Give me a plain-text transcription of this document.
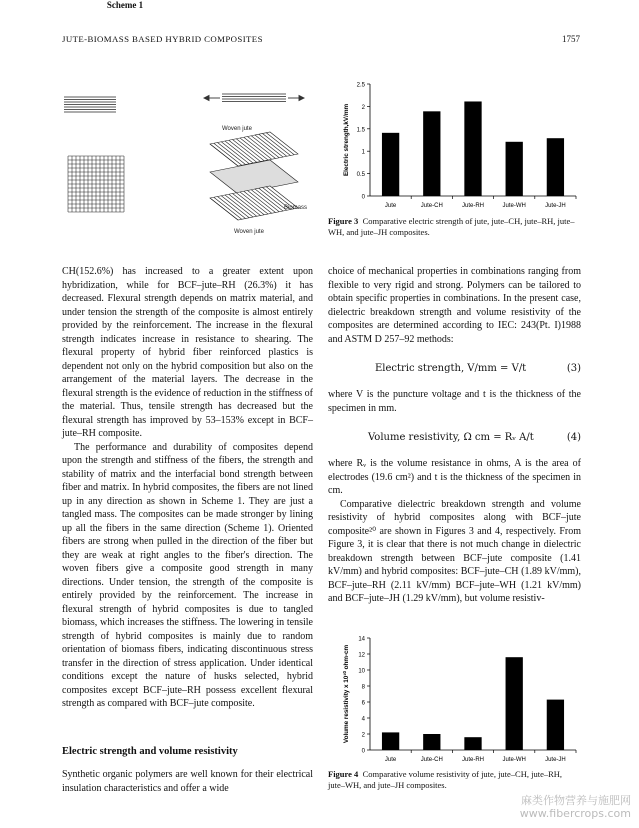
JUTE-BIOMASS BASED HYBRID COMPOSITES	1757
Woven jute
Biomass
Woven jute
Scheme 1
0
0.5
1
1.5
2
2.5
Jute	Jute-CH	Jute-RH	Jute-WH	Jute-JH
Electric strength,kV/mm
Figure 3 Comparative electric strength of jute, jute–CH, jute–RH, jute–WH, and jute–JH composites.

CH(152.6%) has increased to a greater extent upon hybridization, while for BCF–jute–RH (26.3%) it has decreased. Flexural strength depends on matrix material, and under tension the strength of the composite is almost entirely provided by the reinforcement. The increase in the flexural strength indicates increase in resistance to shearing. The flexural property of hybrid fiber reinforced plastics is dependent not only on the hybrid composition but also on the arrangement of the material layers. The decrease in the flexural strength is the evidence of reduction in the stiffness of the material. Thus, tensile strength has decreased but the flexural strength has improved by 53–153% except in BCF–jute–RH composite.

The performance and durability of composites depend upon the strength and stiffness of the fibers, the strength and stability of matrix and the interfacial bond strength between fiber and matrix. In hybrid composites, the fibers are not lined up in any direction as shown in Scheme 1. They are just a tangled mass. The composites can be made stronger by lining up all the fibers in the same direction (Scheme 1). Oriented fibers are strong when pulled in the direction of the fiber but they are weak at right angles to the fiber's direction. The woven fibers give a composite good strength in many directions. Under tension, the strength of the composite is entirely provided by the reinforcement. The increase in flexural strength of hybrid composites is due to tangled biomass, which increases the stiffness. The lowering in tensile strength of hybrid composites is mainly due to random orientation of biomass fibers, indicating discontinuous stress transfer in the direction of stress application. Under identical conditions except the nature of husks selected, hybrid composites except BCF–jute–RH possess excellent flexural strength as compared with BCF–jute composite.

Electric strength and volume resistivity
Synthetic organic polymers are well known for their electrical insulation characteristics and offer a wide

choice of mechanical properties in combinations ranging from flexible to very rigid and strong. Polymers can be tailored to obtain specific properties in combinations. In the present case, dielectric breakdown strength and volume resistivity of the composites are determined according to IEC: 243(Pt. I)1988 and ASTM D 257–92 methods:

Electric strength, V/mm = V/t	(3)

where V is the puncture voltage and t is the thickness of the specimen in mm.

Volume resistivity, Ω cm = Rᵥ A/t	(4)

where Rᵥ is the volume resistance in ohms, A is the area of electrodes (19.6 cm²) and t is the thickness of the specimen in cm.

Comparative dielectric breakdown strength and volume resistivity of hybrid composites along with BCF–jute composite²⁰ are shown in Figures 3 and 4, respectively. From Figure 3, it is clear that there is not much change in dielectric breakdown strength between BCF–jute composite (1.41 kV/mm) and hybrid composites: BCF–jute–CH (1.89 kV/mm), BCF–jute–RH (2.11 kV/mm) BCF–jute–WH (1.21 kV/mm) and BCF–jute–JH (1.29 kV/mm), but volume resistiv-

0
2
4
6
8
10
12
14
Jute	Jute-CH	Jute-RH	Jute-WH	Jute-JH
Volume resistivity x 10¹⁰ ohm-cm
Figure 4 Comparative volume resistivity of jute, jute–CH, jute–RH, jute–WH, and jute–JH composites.
麻类作物营养与施肥网
www.fibercrops.com
